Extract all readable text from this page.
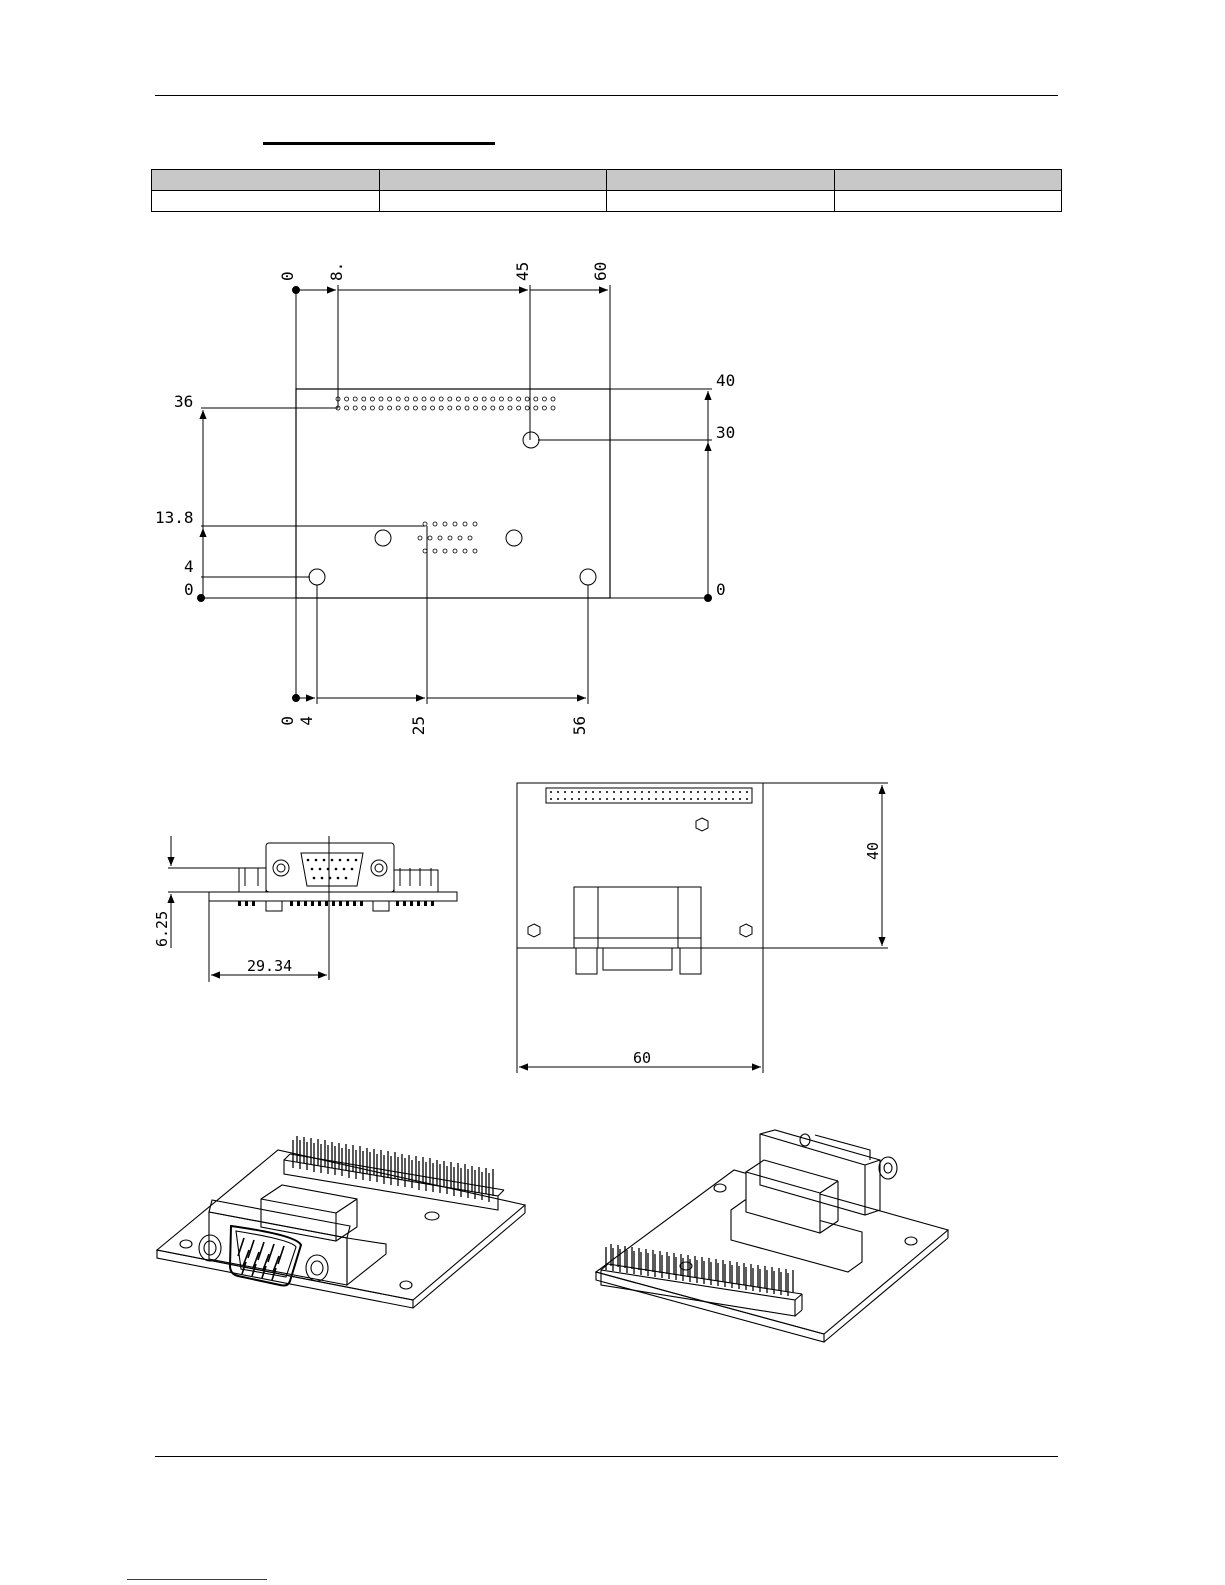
0 8.	45	60
0 4	25	56
36
13.8
4
0
40
30
0
6.25
29.34
40
60
